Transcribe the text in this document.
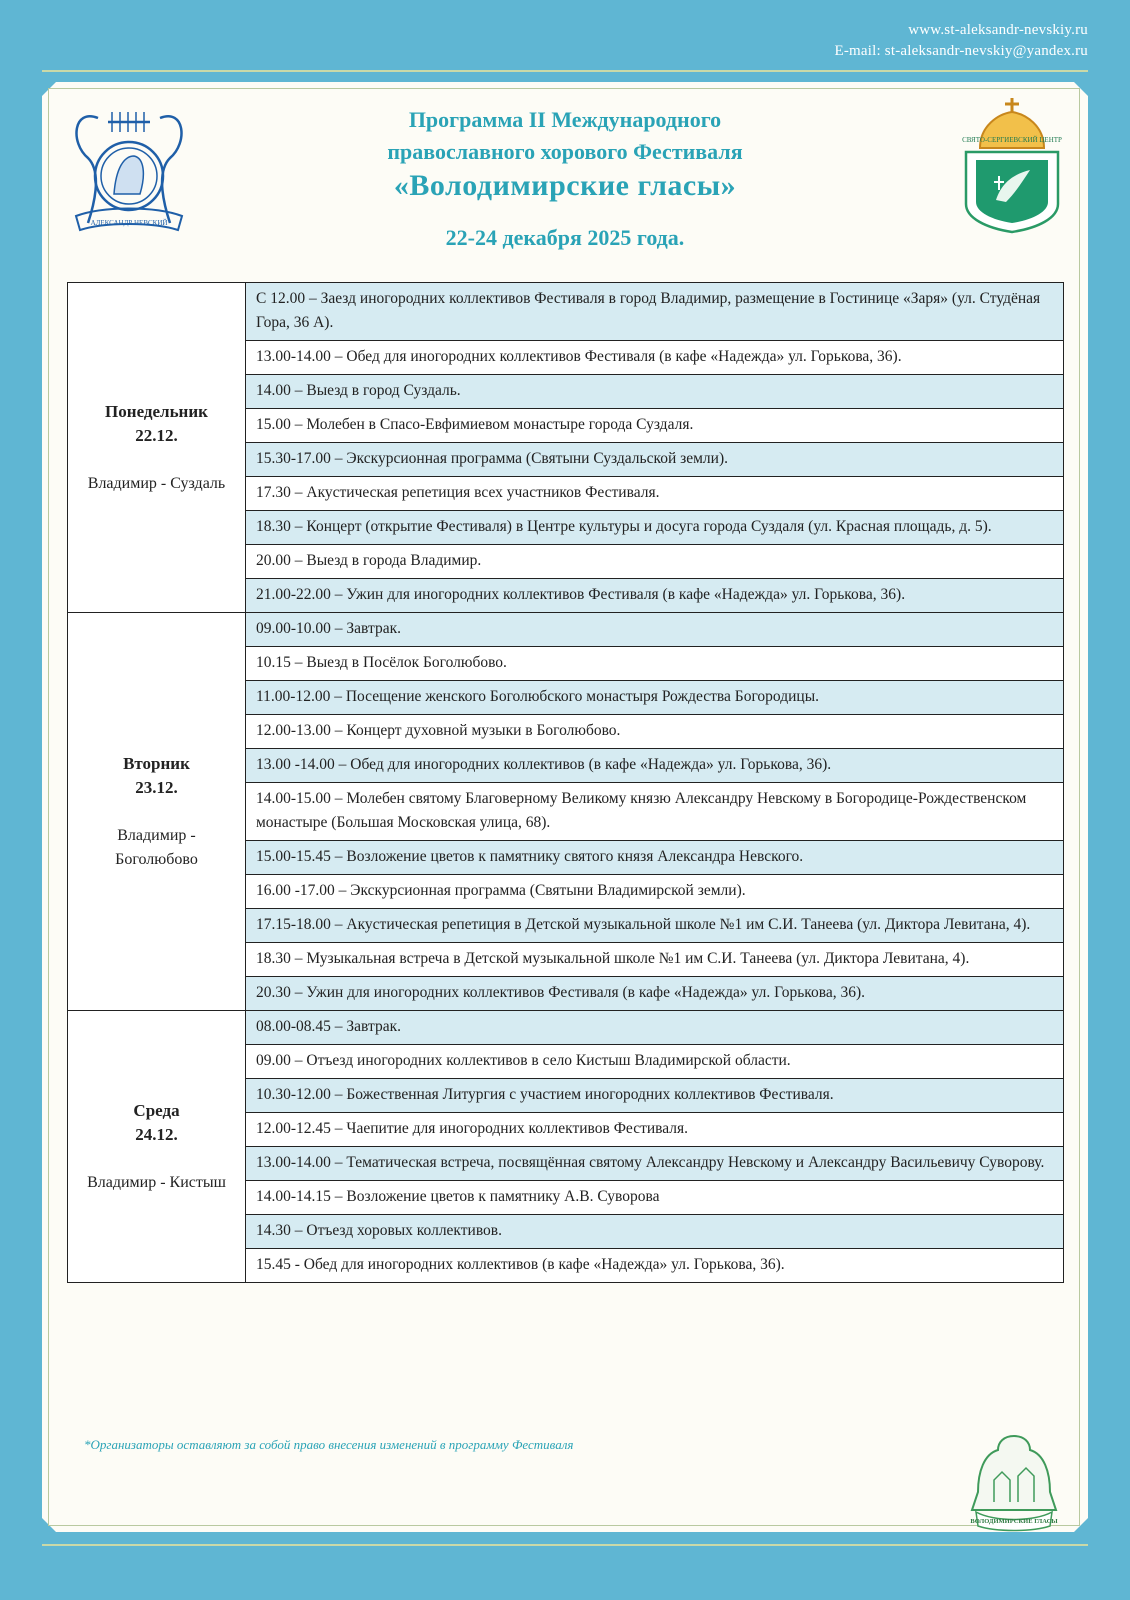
www.st-aleksandr-nevskiy.ru
E-mail: st-aleksandr-nevskiy@yandex.ru
АЛЕКСАНДР НЕВСКИЙ
СВЯТО-СЕРГИЕВСКИЙ ЦЕНТР
Программа II Международного
православного хорового Фестиваля
«Володимирские гласы»
22-24 декабря 2025 года.
Понедельник
22.12.
Владимир - Суздаль	С 12.00 – Заезд иногородних коллективов Фестиваля в город Владимир, размещение в Гостинице «Заря» (ул. Студёная Гора, 36 А).
	13.00-14.00 – Обед для иногородних коллективов Фестиваля (в кафе «Надежда» ул. Горькова, 36).
	14.00 – Выезд в город Суздаль.
	15.00 – Молебен в Спасо-Евфимиевом монастыре города Суздаля.
	15.30-17.00 – Экскурсионная программа (Святыни Суздальской земли).
	17.30 – Акустическая репетиция всех участников Фестиваля.
	18.30 – Концерт (открытие Фестиваля) в Центре культуры и досуга города Суздаля (ул. Красная площадь, д. 5).
	20.00 – Выезд в города Владимир.
	21.00-22.00 – Ужин для иногородних коллективов Фестиваля (в кафе «Надежда» ул. Горькова, 36).

Вторник
23.12.
Владимир - Боголюбово	09.00-10.00 – Завтрак.
	10.15 – Выезд в Посёлок Боголюбово.
	11.00-12.00 – Посещение женского Боголюбского монастыря Рождества Богородицы.
	12.00-13.00 – Концерт духовной музыки в Боголюбово.
	13.00 -14.00 – Обед для иногородних коллективов (в кафе «Надежда» ул. Горькова, 36).
	14.00-15.00 – Молебен святому Благоверному Великому князю Александру Невскому в Богородице-Рождественском монастыре (Большая Московская улица, 68).
	15.00-15.45 – Возложение цветов к памятнику святого князя Александра Невского.
	16.00 -17.00 – Экскурсионная программа (Святыни Владимирской земли).
	17.15-18.00 – Акустическая репетиция в Детской музыкальной школе №1 им С.И. Танеева (ул. Диктора Левитана, 4).
	18.30 – Музыкальная встреча в Детской музыкальной школе №1 им С.И. Танеева (ул. Диктора Левитана, 4).
	20.30 – Ужин для иногородних коллективов Фестиваля (в кафе «Надежда» ул. Горькова, 36).

Среда
24.12.
Владимир - Кистыш	08.00-08.45 – Завтрак.
	09.00 – Отъезд иногородних коллективов в село Кистыш Владимирской области.
	10.30-12.00 – Божественная Литургия с участием иногородних коллективов Фестиваля.
	12.00-12.45 – Чаепитие для иногородних коллективов Фестиваля.
	13.00-14.00 – Тематическая встреча, посвящённая святому Александру Невскому и Александру Васильевичу Суворову.
	14.00-14.15 – Возложение цветов к памятнику А.В. Суворова
	14.30 – Отъезд хоровых коллективов.
	15.45 - Обед для иногородних коллективов (в кафе «Надежда» ул. Горькова, 36).
*Организаторы оставляют за собой право внесения изменений в программу Фестиваля
ВОЛОДИМИРСКИЕ ГЛАСЫ
